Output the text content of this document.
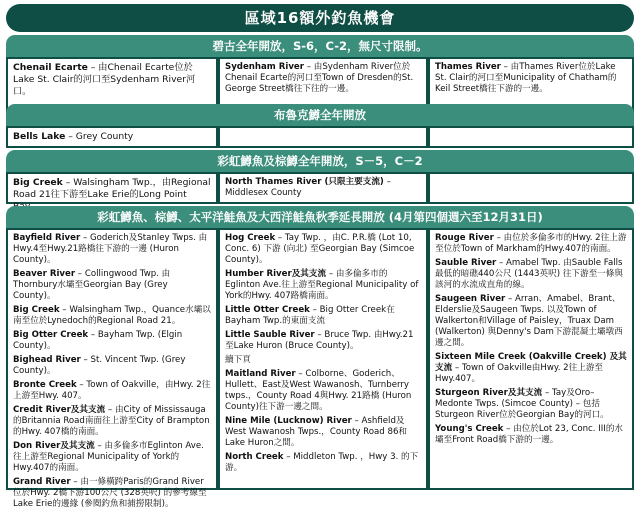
區域16額外釣魚機會
碧古全年開放，S-6，C-2，無尺寸限制。
Chenail Ecarte – 由Chenail Ecarte位於Lake St. Clair的河口至Sydenham River河口。
Sydenham River – 由Sydenham River位於Chenail Ecarte的河口至Town of Dresden的St. George Street橋往下往的一邊。
Thames River – 由Thames River位於Lake St. Clair的河口至Municipality of Chatham的Keil Street橋往下游的一邊。
布魯克鱒全年開放
Bells Lake – Grey County
彩虹鱒魚及棕鱒全年開放，S－5，C－2
Big Creek – Walsingham Twp.，由Regional Road 21往下游至Lake Erie的Long Point
North Thames River (只限主要支流) – Middlesex County
彩虹鱒魚、棕鱒、太平洋鮭魚及大西洋鮭魚秋季延長開放 (4月第四個週六至12月31日)
Bayfield River – Goderich及Stanley Twps. 由Hwy.4至Hwy.21路橋往下游的一邊 (Huron County)。
Beaver River – Collingwood Twp. 由Thornbury水壩至Georgian Bay (Grey County)。
Big Creek – Walsingham Twp.，Quance水壩以南至位於Lynedoch的Regional Road 21。
Big Otter Creek – Bayham Twp. (Elgin County)。
Bighead River – St. Vincent Twp. (Grey County)。
Bronte Creek – Town of Oakville，由Hwy. 2往上游至Hwy. 407。
Credit River及其支流 – 由City of Mississauga的Britannia Road南面往上游至City of Brampton的Hwy. 407橋的南面。
Don River及其支流 – 由多倫多市Eglinton Ave.往上游至Regional Municipality of York的Hwy.407的南面。
Grand River – 由一條橫跨Paris的Grand River位於Hwy. 2橋下游100公尺 (328英呎) 的參考線至Lake Erie的邊緣 (參閱釣魚和捕撈限制)。
Hog Creek – Tay Twp. ，由C. P.R.橋 (Lot 10, Conc. 6) 下游 (向北) 至Georgian Bay (Simcoe County)。
Humber River及其支流 – 由多倫多市的Eglinton Ave.往上游至Regional Municipality of York的Hwy. 407路橋南面。
Little Otter Creek – Big Otter Creek在Bayham Twp.的東面支流
Little Sauble River – Bruce Twp. 由Hwy.21至Lake Huron (Bruce County)。
續下頁
Maitland River – Colborne、Goderich、Hullett、East及West Wawanosh、Turnberry twps.，County Road 4與Hwy. 21路橋 (Huron County)往下游一邊之間。
Nine Mile (Lucknow) River – Ashfield及West Wawanosh Twps.，County Road 86和Lake Huron之間。
North Creek – Middleton Twp. ，Hwy 3. 的下游。
Rouge River – 由位於多倫多市的Hwy. 2往上游至位於Town of Markham的Hwy.407的南面。
Sauble River – Amabel Twp. 由Sauble Falls最低的暗礁440公尺 (1443英呎) 往下游至一條與該河的水流成直角的線。
Saugeen River – Arran、Amabel、Brant、Elderslie及Saugeen Twps. 以及Town of Walkerton和Village of Paisley，Truax Dam (Walkerton) 與Denny's Dam下游混凝土壩墩西邊之間。
Sixteen Mile Creek (Oakville Creek) 及其支流 – Town of Oakville由Hwy. 2往上游至Hwy.407。
Sturgeon River及其支流 – Tay及Oro–Medonte Twps. (Simcoe County) – 包括Sturgeon River位於Georgian Bay的河口。
Young's Creek – 由位於Lot 23, Conc. III的水壩至Front Road橋下游的一邊。
